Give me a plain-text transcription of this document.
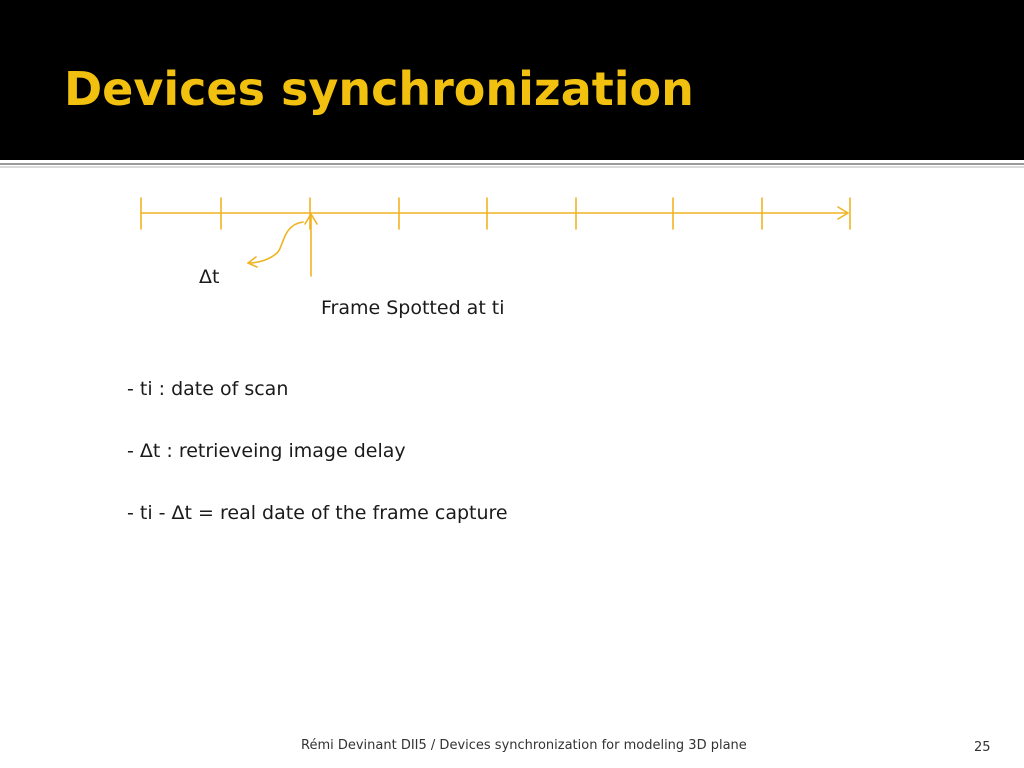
Devices synchronization

Δt

Frame Spotted at ti

- ti : date of scan
- Δt : retrieveing image delay
- ti - Δt = real date of the frame capture

Rémi Devinant DII5 / Devices synchronization for modeling 3D plane	25
